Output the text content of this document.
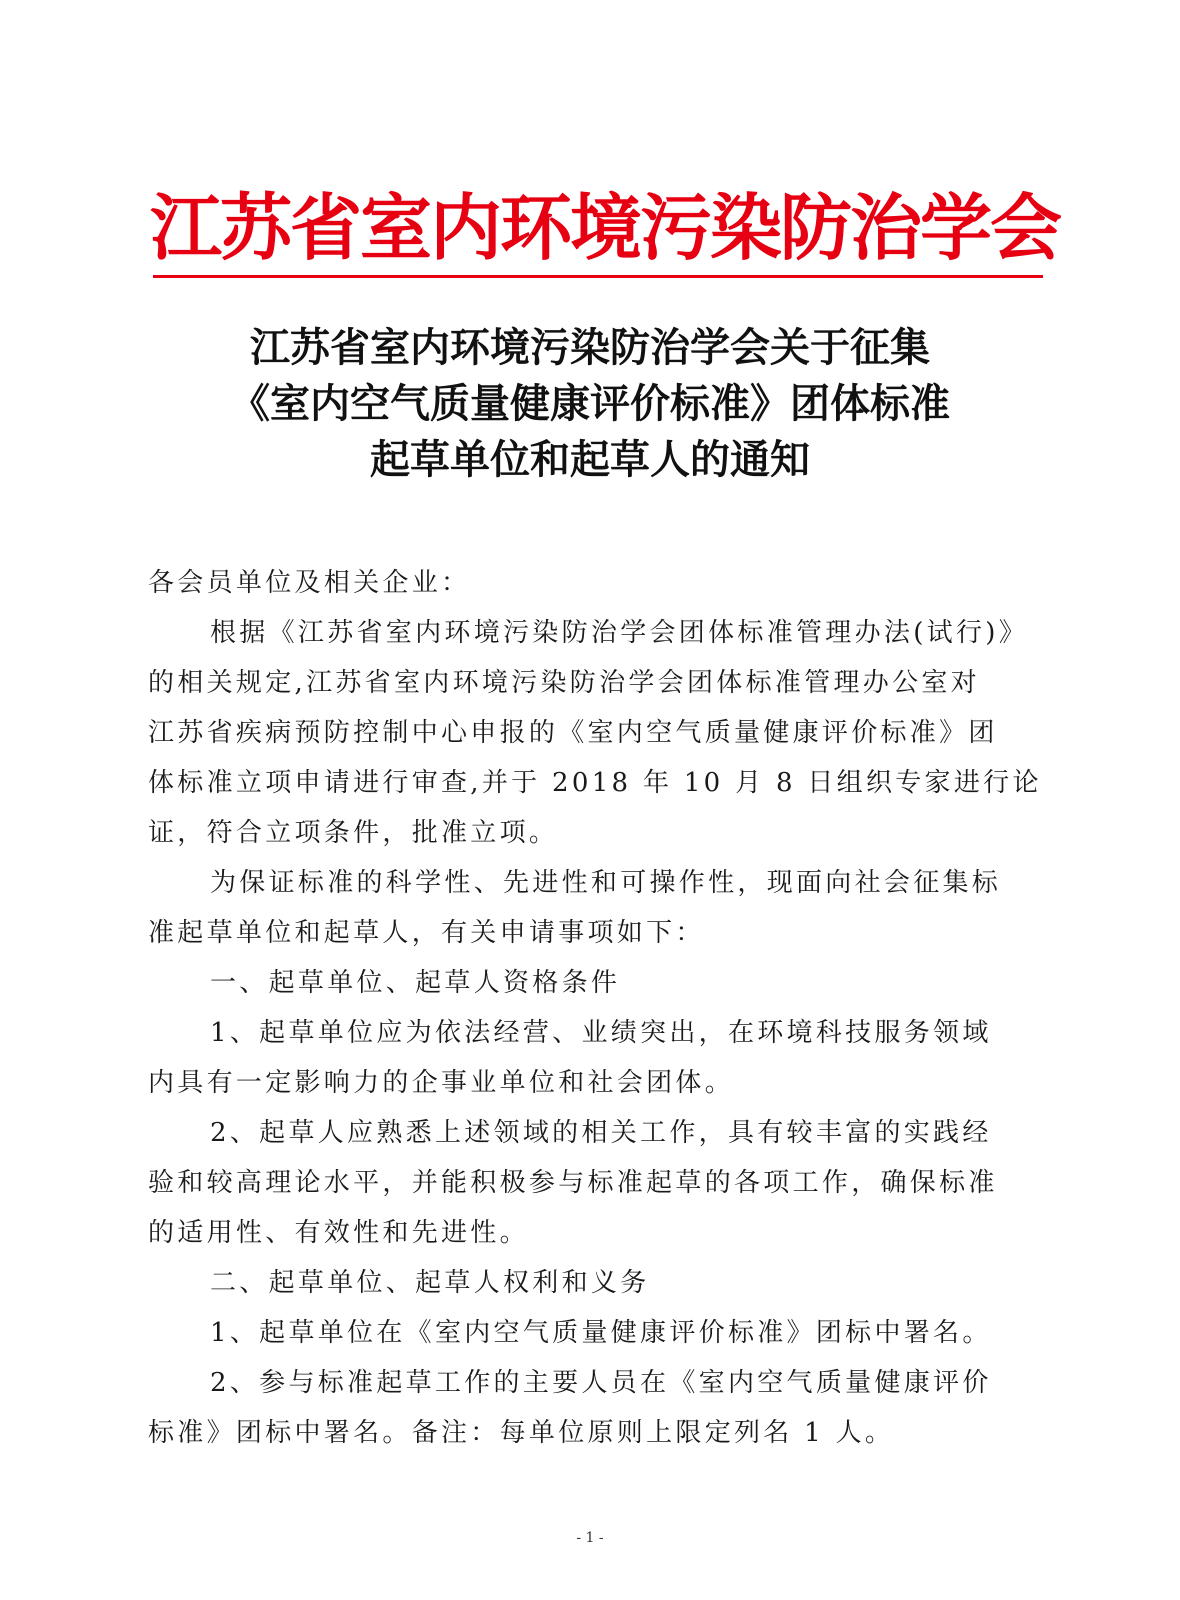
江苏省室内环境污染防治学会
江苏省室内环境污染防治学会关于征集
《室内空气质量健康评价标准》团体标准
起草单位和起草人的通知
各会员单位及相关企业：
根据《江苏省室内环境污染防治学会团体标准管理办法(试行)》
的相关规定,江苏省室内环境污染防治学会团体标准管理办公室对
江苏省疾病预防控制中心申报的《室内空气质量健康评价标准》团
体标准立项申请进行审查,并于 2018 年 10 月 8 日组织专家进行论
证，符合立项条件，批准立项。
为保证标准的科学性、先进性和可操作性，现面向社会征集标
准起草单位和起草人，有关申请事项如下：
一、起草单位、起草人资格条件
1、起草单位应为依法经营、业绩突出，在环境科技服务领域
内具有一定影响力的企事业单位和社会团体。
2、起草人应熟悉上述领域的相关工作，具有较丰富的实践经
验和较高理论水平，并能积极参与标准起草的各项工作，确保标准
的适用性、有效性和先进性。
二、起草单位、起草人权利和义务
1、起草单位在《室内空气质量健康评价标准》团标中署名。
2、参与标准起草工作的主要人员在《室内空气质量健康评价
标准》团标中署名。备注：每单位原则上限定列名 1 人。
- 1 -
